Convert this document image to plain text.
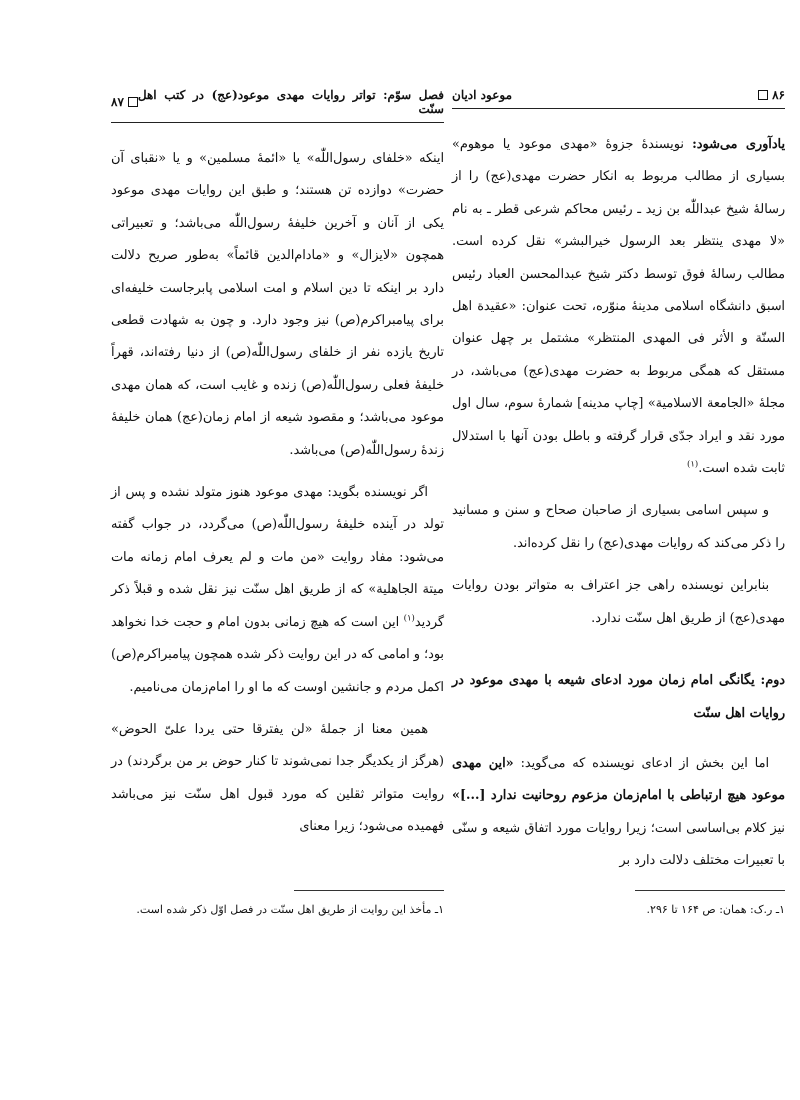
۸۷ فصل سوّم: تواتر روایات مهدی موعود(عج) در کتب اهل سنّت

اینکه «خلفای رسول‌اللّٰه» یا «ائمهٔ مسلمین» و یا «نقبای آن حضرت» دوازده تن هستند؛ و طبق این روایات مهدی موعود یکی از آنان و آخرین خلیفهٔ رسول‌اللّٰه می‌باشد؛ و تعبیراتی همچون «لایزال» و «مادام‌الدین قائماً» به‌طور صریح دلالت دارد بر اینکه تا دین اسلام و امت اسلامی پابرجاست خلیفه‌ای برای پیامبراکرم(ص) نیز وجود دارد. و چون به شهادت قطعی تاریخ یازده نفر از خلفای رسول‌اللّٰه(ص) از دنیا رفته‌اند، قهراً خلیفهٔ فعلی رسول‌اللّٰه(ص) زنده و غایب است، که همان مهدی موعود می‌باشد؛ و مقصود شیعه از امام زمان(عج) همان خلیفهٔ زندهٔ رسول‌اللّٰه(ص) می‌باشد.

اگر نویسنده بگوید: مهدی موعود هنوز متولد نشده و پس از تولد در آینده خلیفهٔ رسول‌اللّٰه(ص) می‌گردد، در جواب گفته می‌شود: مفاد روایت «من مات و لم یعرف امام زمانه مات میتة الجاهلیة» که از طریق اهل سنّت نیز نقل شده و قبلاً ذکر گردید$^{(۱)}$ این است که هیچ زمانی بدون امام و حجت خدا نخواهد بود؛ و امامی که در این روایت ذکر شده همچون پیامبراکرم(ص) اکمل مردم و جانشین اوست که ما او را امام‌زمان می‌نامیم.

همین معنا از جملهٔ «لن یفترقا حتی یردا علیّ الحوض» (هرگز از یکدیگر جدا نمی‌شوند تا کنار حوض بر من برگردند) در روایت متواتر ثقلین که مورد قبول اهل سنّت نیز می‌باشد فهمیده می‌شود؛ زیرا معنای

۱ـ مأخذ این روایت از طریق اهل سنّت در فصل اوّل ذکر شده است.
موعود ادیان	۸۶

یادآوری می‌شود: نویسندهٔ جزوهٔ «مهدی موعود یا موهوم» بسیاری از مطالب مربوط به انکار حضرت مهدی(عج) را از رسالهٔ شیخ عبداللّٰه بن زید ـ رئیس محاکم شرعی قطر ـ به نام «لا مهدی ینتظر بعد الرسول خیرالبشر» نقل کرده است. مطالب رسالهٔ فوق توسط دکتر شیخ عبدالمحسن العباد رئیس اسبق دانشگاه اسلامی مدینهٔ منوّره، تحت عنوان: «عقیدة اهل السنّة و الأثر فی المهدی المنتظر» مشتمل بر چهل عنوان مستقل که همگی مربوط به حضرت مهدی(عج) می‌باشد، در مجلهٔ «الجامعة الاسلامیة» [چاپ مدینه] شمارهٔ سوم، سال اول مورد نقد و ایراد جدّی قرار گرفته و باطل بودن آنها با استدلال ثابت شده است.$^{(۱)}$

و سپس اسامی بسیاری از صاحبان صحاح و سنن و مسانید را ذکر می‌کند که روایات مهدی(عج) را نقل کرده‌اند.

بنابراین نویسنده راهی جز اعتراف به متواتر بودن روایات مهدی(عج) از طریق اهل سنّت ندارد.

دوم: یگانگی امام زمان مورد ادعای شیعه با مهدی موعود در روایات اهل سنّت

اما این بخش از ادعای نویسنده که می‌گوید: «این مهدی موعود هیچ ارتباطی با امام‌زمان مزعوم روحانیت ندارد [...]» نیز کلام بی‌اساسی است؛ زیرا روایات مورد اتفاق شیعه و سنّی با تعبیرات مختلف دلالت دارد بر

۱ـ ر.ک: همان: ص ۱۶۴ تا ۲۹۶.
